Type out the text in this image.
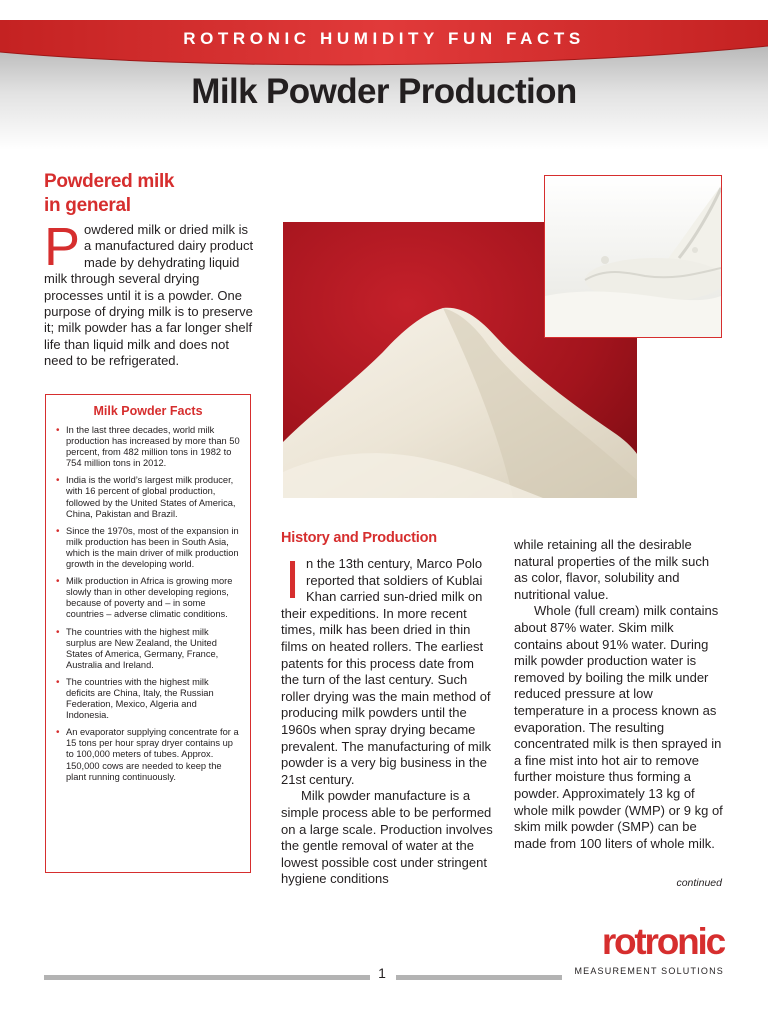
ROTRONIC HUMIDITY FUN FACTS
Milk Powder Production
Powdered milk
in general

Powdered milk or dried milk is a manufactured dairy product made by dehydrating liquid milk through several drying processes until it is a powder. One purpose of drying milk is to preserve it; milk powder has a far longer shelf life than liquid milk and does not need to be refrigerated.

Milk Powder Facts
• In the last three decades, world milk production has increased by more than 50 percent, from 482 million tons in 1982 to 754 million tons in 2012.
• India is the world’s largest milk producer, with 16 percent of global production, followed by the United States of America, China, Pakistan and Brazil.
• Since the 1970s, most of the expansion in milk production has been in South Asia, which is the main driver of milk production growth in the developing world.
• Milk production in Africa is growing more slowly than in other developing regions, because of poverty and – in some countries – adverse climatic conditions.
• The countries with the highest milk surplus are New Zealand, the United States of America, Germany, France, Australia and Ireland.
• The countries with the highest milk deficits are China, Italy, the Russian Federation, Mexico, Algeria and Indonesia.
• An evaporator supplying concentrate for a 15 tons per hour spray dryer contains up to 100,000 meters of tubes. Approx. 150,000 cows are needed to keep the plant running continuously.
History and Production

In the 13th century, Marco Polo reported that soldiers of Kublai Khan carried sun-dried milk on their expeditions. In more recent times, milk has been dried in thin films on heated rollers. The earliest patents for this process date from the turn of the last century. Such roller drying was the main method of producing milk powders until the 1960s when spray drying became prevalent. The manufacturing of milk powder is a very big business in the 21st century.

Milk powder manufacture is a simple process able to be performed on a large scale. Production involves the gentle removal of water at the lowest possible cost under stringent hygiene conditions

while retaining all the desirable natural properties of the milk such as color, flavor, solubility and nutritional value.

Whole (full cream) milk contains about 87% water. Skim milk contains about 91% water. During milk powder production water is removed by boiling the milk under reduced pressure at low temperature in a process known as evaporation. The resulting concentrated milk is then sprayed in a fine mist into hot air to remove further moisture thus forming a powder. Approximately 13 kg of whole milk powder (WMP) or 9 kg of skim milk powder (SMP) can be made from 100 liters of whole milk.

continued
rotronic
MEASUREMENT SOLUTIONS
1
